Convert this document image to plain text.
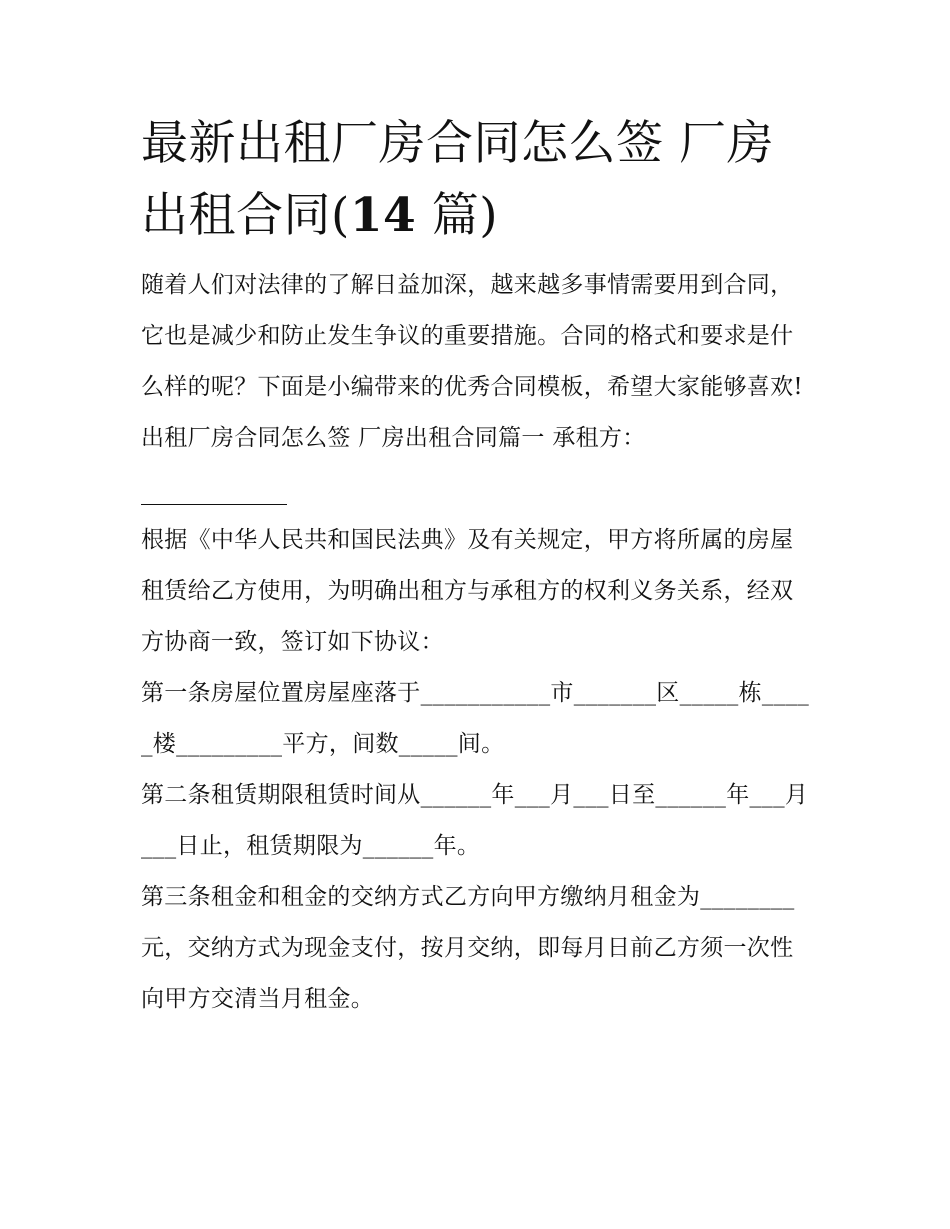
最新出租厂房合同怎么签 厂房出租合同(14 篇)

随着人们对法律的了解日益加深，越来越多事情需要用到合同，它也是减少和防止发生争议的重要措施。合同的格式和要求是什么样的呢？下面是小编带来的优秀合同模板，希望大家能够喜欢!

出租厂房合同怎么签 厂房出租合同篇一 承租方：

根据《中华人民共和国民法典》及有关规定，甲方将所属的房屋租赁给乙方使用，为明确出租方与承租方的权利义务关系，经双方协商一致，签订如下协议：

第一条房屋位置房屋座落于___________市_______区_____栋_____楼_________平方，间数_____间。

第二条租赁期限租赁时间从______年___月___日至______年___月___日止，租赁期限为______年。

第三条租金和租金的交纳方式乙方向甲方缴纳月租金为________元，交纳方式为现金支付，按月交纳，即每月日前乙方须一次性向甲方交清当月租金。
